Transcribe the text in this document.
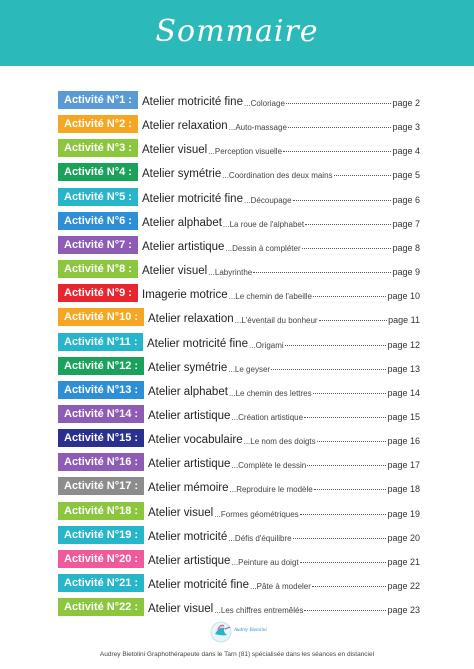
Sommaire
Activité N°1 : Atelier motricité fine ...Coloriage	page 2
Activité N°2 : Atelier relaxation ...Auto-massage	page 3
Activité N°3 : Atelier visuel ...Perception visuelle	page 4
Activité N°4 : Atelier symétrie ...Coordination des deux mains	page 5
Activité N°5 : Atelier motricité fine ...Découpage	page 6
Activité N°6 : Atelier alphabet ...La roue de l'alphabet	page 7
Activité N°7 : Atelier artistique ...Dessin à compléter	page 8
Activité N°8 : Atelier visuel ...Labyrinthe	page 9
Activité N°9 : Imagerie motrice ...Le chemin de l'abeille	page 10
Activité N°10 : Atelier relaxation ...L'éventail du bonheur	page 11
Activité N°11 : Atelier motricité fine ...Origami	page 12
Activité N°12 : Atelier symétrie ...Le geyser	page 13
Activité N°13 : Atelier alphabet ...Le chemin des lettres	page 14
Activité N°14 : Atelier artistique ...Création artistique	page 15
Activité N°15 : Atelier vocabulaire ...Le nom des doigts	page 16
Activité N°16 : Atelier artistique ...Complète le dessin	page 17
Activité N°17 : Atelier mémoire ...Reproduire le modèle	page 18
Activité N°18 : Atelier visuel ...Formes géométriques	page 19
Activité N°19 : Atelier motricité ...Défis d'équilibre	page 20
Activité N°20 : Atelier artistique ...Peinture au doigt	page 21
Activité N°21 : Atelier motricité fine ...Pâte à modeler	page 22
Activité N°22 : Atelier visuel ...Les chiffres entremêlés	page 23
Audrey Bietolini
Audrey Bietolini Graphothérapeute dans le Tarn (81) spécialisée dans les séances en distanciel
